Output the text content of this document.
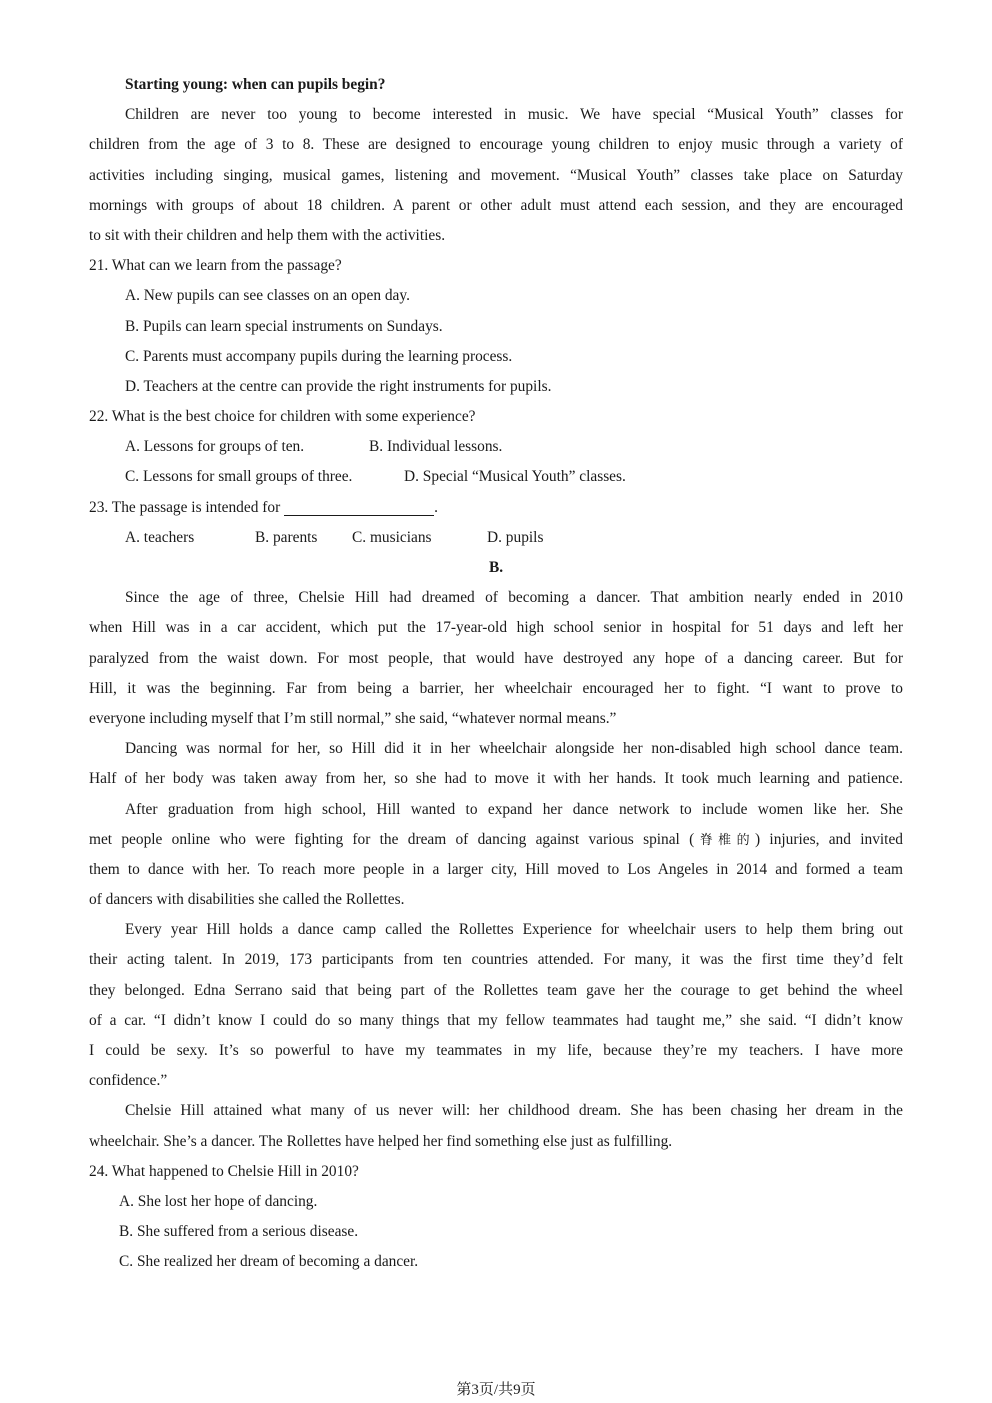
Starting young: when can pupils begin?
Children are never too young to become interested in music. We have special “Musical Youth” classes for
children from the age of 3 to 8. These are designed to encourage young children to enjoy music through a variety of
activities including singing, musical games, listening and movement. “Musical Youth” classes take place on Saturday
mornings with groups of about 18 children. A parent or other adult must attend each session, and they are encouraged
to sit with their children and help them with the activities.
21. What can we learn from the passage?
A. New pupils can see classes on an open day.
B. Pupils can learn special instruments on Sundays.
C. Parents must accompany pupils during the learning process.
D. Teachers at the centre can provide the right instruments for pupils.
22. What is the best choice for children with some experience?
A. Lessons for groups of ten.	B. Individual lessons.
C. Lessons for small groups of three.	D. Special “Musical Youth” classes.
23. The passage is intended for	.
A. teachers	B. parents C. musicians	D. pupils
B.
Since the age of three, Chelsie Hill had dreamed of becoming a dancer. That ambition nearly ended in 2010
when Hill was in a car accident, which put the 17-year-old high school senior in hospital for 51 days and left her
paralyzed from the waist down. For most people, that would have destroyed any hope of a dancing career. But for
Hill, it was the beginning. Far from being a barrier, her wheelchair encouraged her to fight. “I want to prove to
everyone including myself that I’m still normal,” she said, “whatever normal means.”
Dancing was normal for her, so Hill did it in her wheelchair alongside her non-disabled high school dance team.
Half of her body was taken away from her, so she had to move it with her hands. It took much learning and patience.
After graduation from high school, Hill wanted to expand her dance network to include women like her. She
met people online who were fighting for the dream of dancing against various spinal (脊椎的) injuries, and invited
them to dance with her. To reach more people in a larger city, Hill moved to Los Angeles in 2014 and formed a team
of dancers with disabilities she called the Rollettes.
Every year Hill holds a dance camp called the Rollettes Experience for wheelchair users to help them bring out
their acting talent. In 2019, 173 participants from ten countries attended. For many, it was the first time they’d felt
they belonged. Edna Serrano said that being part of the Rollettes team gave her the courage to get behind the wheel
of a car. “I didn’t know I could do so many things that my fellow teammates had taught me,” she said. “I didn’t know
I could be sexy. It’s so powerful to have my teammates in my life, because they’re my teachers. I have more
confidence.”
Chelsie Hill attained what many of us never will: her childhood dream. She has been chasing her dream in the
wheelchair. She’s a dancer. The Rollettes have helped her find something else just as fulfilling.
24. What happened to Chelsie Hill in 2010?
A. She lost her hope of dancing.
B. She suffered from a serious disease.
C. She realized her dream of becoming a dancer.
第3页/共9页
